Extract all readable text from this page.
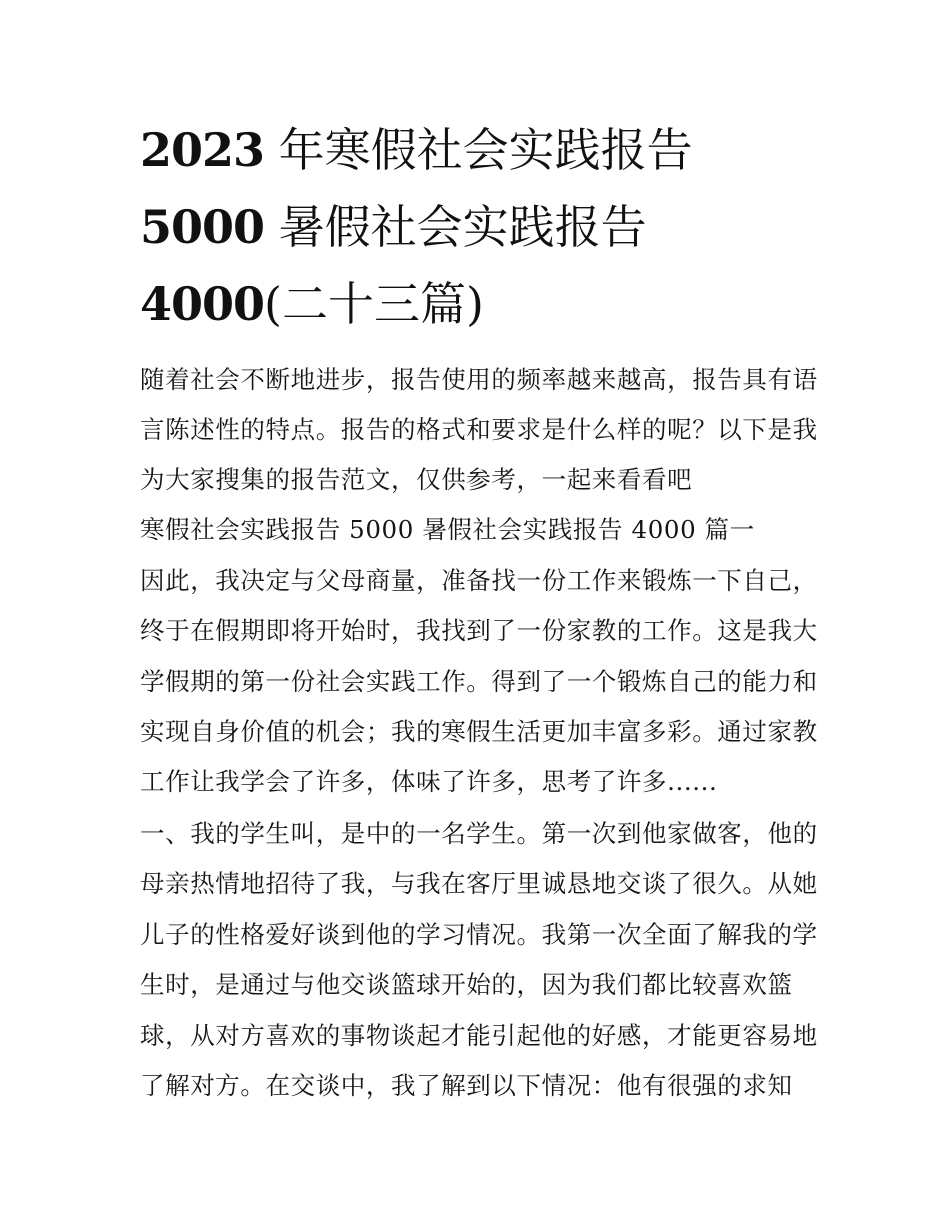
2023 年寒假社会实践报告
5000 暑假社会实践报告
4000(二十三篇)
随着社会不断地进步，报告使用的频率越来越高，报告具有语
言陈述性的特点。报告的格式和要求是什么样的呢？以下是我
为大家搜集的报告范文，仅供参考，一起来看看吧
寒假社会实践报告 5000 暑假社会实践报告 4000 篇一
因此，我决定与父母商量，准备找一份工作来锻炼一下自己，
终于在假期即将开始时，我找到了一份家教的工作。这是我大
学假期的第一份社会实践工作。得到了一个锻炼自己的能力和
实现自身价值的机会；我的寒假生活更加丰富多彩。通过家教
工作让我学会了许多，体味了许多，思考了许多......
一、我的学生叫，是中的一名学生。第一次到他家做客，他的
母亲热情地招待了我，与我在客厅里诚恳地交谈了很久。从她
儿子的性格爱好谈到他的学习情况。我第一次全面了解我的学
生时，是通过与他交谈篮球开始的，因为我们都比较喜欢篮
球，从对方喜欢的事物谈起才能引起他的好感，才能更容易地
了解对方。在交谈中，我了解到以下情况：他有很强的求知
